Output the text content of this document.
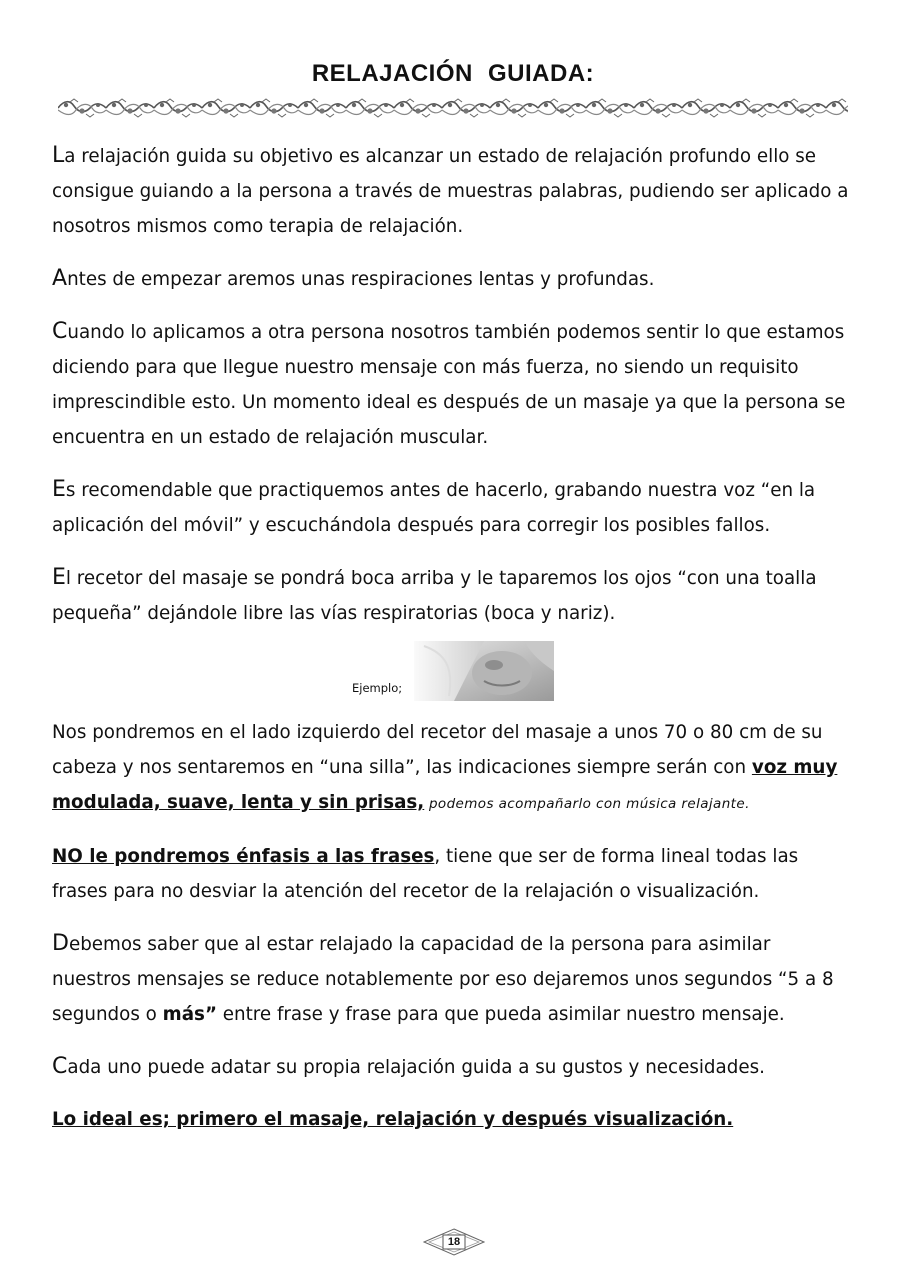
RELAJACIÓN GUIADA:

La relajación guida su objetivo es alcanzar un estado de relajación profundo ello se consigue guiando a la persona a través de muestras palabras, pudiendo ser aplicado a nosotros mismos como terapia de relajación.

Antes de empezar aremos unas respiraciones lentas y profundas.

Cuando lo aplicamos a otra persona nosotros también podemos sentir lo que estamos diciendo para que llegue nuestro mensaje con más fuerza, no siendo un requisito imprescindible esto. Un momento ideal es después de un masaje ya que la persona se encuentra en un estado de relajación muscular.

Es recomendable que practiquemos antes de hacerlo, grabando nuestra voz “en la aplicación del móvil” y escuchándola después para corregir los posibles fallos.

El recetor del masaje se pondrá boca arriba y le taparemos los ojos “con una toalla pequeña” dejándole libre las vías respiratorias (boca y nariz).

Ejemplo;

Nos pondremos en el lado izquierdo del recetor del masaje a unos 70 o 80 cm de su cabeza y nos sentaremos en “una silla”, las indicaciones siempre serán con voz muy modulada, suave, lenta y sin prisas, podemos acompañarlo con música relajante.

NO le pondremos énfasis a las frases, tiene que ser de forma lineal todas las frases para no desviar la atención del recetor de la relajación o visualización.

Debemos saber que al estar relajado la capacidad de la persona para asimilar nuestros mensajes se reduce notablemente por eso dejaremos unos segundos “5 a 8 segundos o más” entre frase y frase para que pueda asimilar nuestro mensaje.

Cada uno puede adatar su propia relajación guida a su gustos y necesidades.

Lo ideal es; primero el masaje, relajación y después visualización.

18
